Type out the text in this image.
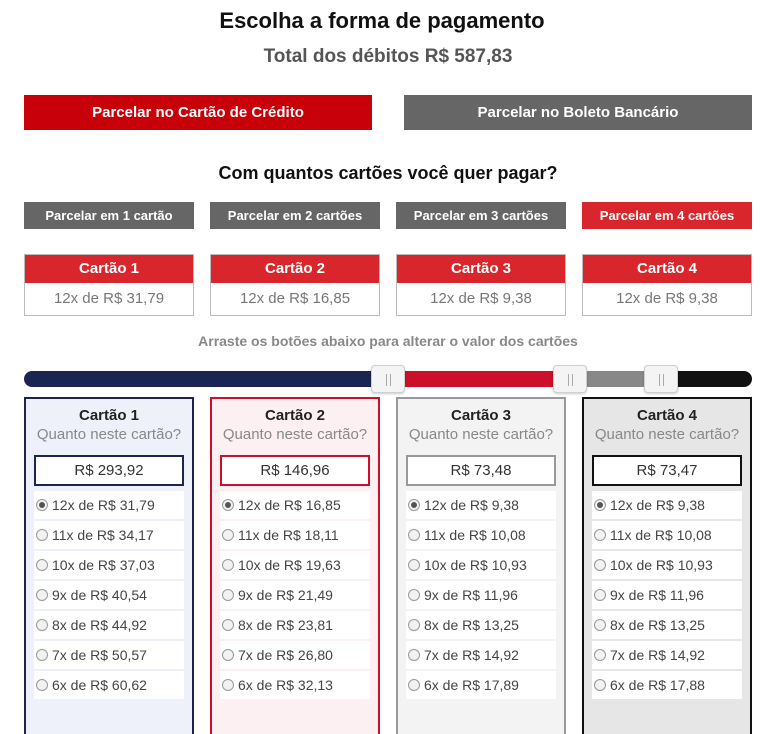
Escolha a forma de pagamento
Total dos débitos R$ 587,83
Parcelar no Cartão de Crédito	Parcelar no Boleto Bancário
Com quantos cartões você quer pagar?
Parcelar em 1 cartão	Parcelar em 2 cartões	Parcelar em 3 cartões	Parcelar em 4 cartões
Cartão 1
12x de R$ 31,79
Cartão 2
12x de R$ 16,85
Cartão 3
12x de R$ 9,38
Cartão 4
12x de R$ 9,38
Arraste os botões abaixo para alterar o valor dos cartões
Cartão 1
Quanto neste cartão?
R$ 293,92
12x de R$ 31,79
11x de R$ 34,17
10x de R$ 37,03
9x de R$ 40,54
8x de R$ 44,92
7x de R$ 50,57
6x de R$ 60,62
Cartão 2
Quanto neste cartão?
R$ 146,96
12x de R$ 16,85
11x de R$ 18,11
10x de R$ 19,63
9x de R$ 21,49
8x de R$ 23,81
7x de R$ 26,80
6x de R$ 32,13
Cartão 3
Quanto neste cartão?
R$ 73,48
12x de R$ 9,38
11x de R$ 10,08
10x de R$ 10,93
9x de R$ 11,96
8x de R$ 13,25
7x de R$ 14,92
6x de R$ 17,89
Cartão 4
Quanto neste cartão?
R$ 73,47
12x de R$ 9,38
11x de R$ 10,08
10x de R$ 10,93
9x de R$ 11,96
8x de R$ 13,25
7x de R$ 14,92
6x de R$ 17,88
